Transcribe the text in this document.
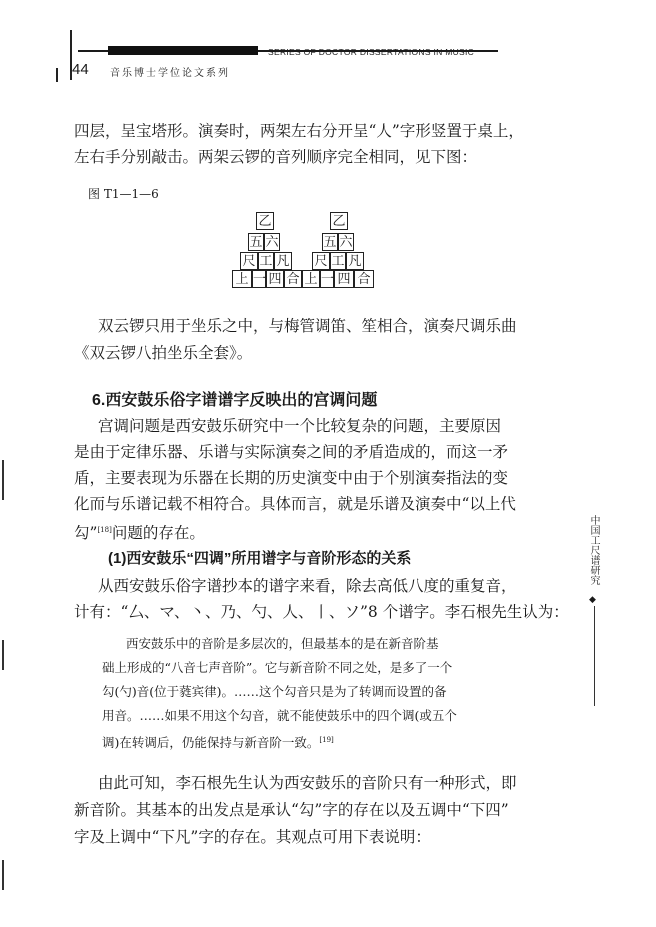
SERIES OF DOCTOR DISSERTATIONS IN MUSIC
44 音乐博士学位论文系列
四层，呈宝塔形。演奏时，两架左右分开呈“人”字形竖置于桌上，
左右手分别敲击。两架云锣的音列顺序完全相同，见下图：
图 T1—1—6
乙
五 六
尺 工 凡
上 一 四 合
乙
五 六
尺 工 凡
上 一 四 合
双云锣只用于坐乐之中，与梅管调笛、笙相合，演奏尺调乐曲
《双云锣八拍坐乐全套》。
6.西安鼓乐俗字谱谱字反映出的宫调问题
宫调问题是西安鼓乐研究中一个比较复杂的问题，主要原因
是由于定律乐器、乐谱与实际演奏之间的矛盾造成的，而这一矛
盾，主要表现为乐器在长期的历史演变中由于个别演奏指法的变
化而与乐谱记载不相符合。具体而言，就是乐谱及演奏中“以上代
勾”[18]问题的存在。
(1)西安鼓乐“四调”所用谱字与音阶形态的关系
从西安鼓乐俗字谱抄本的谱字来看，除去高低八度的重复音，
计有：“厶、マ、丶、乃、勺、人、丨、ソ”8 个谱字。李石根先生认为：
西安鼓乐中的音阶是多层次的，但最基本的是在新音阶基
础上形成的“八音七声音阶”。它与新音阶不同之处，是多了一个
勾(勺)音(位于蕤宾律)。……这个勾音只是为了转调而设置的备
用音。……如果不用这个勾音，就不能使鼓乐中的四个调(或五个
调)在转调后，仍能保持与新音阶一致。[19]
由此可知，李石根先生认为西安鼓乐的音阶只有一种形式，即
新音阶。其基本的出发点是承认“勾”字的存在以及五调中“下四”
字及上调中“下凡”字的存在。其观点可用下表说明：
中国工尺谱研究
◆
